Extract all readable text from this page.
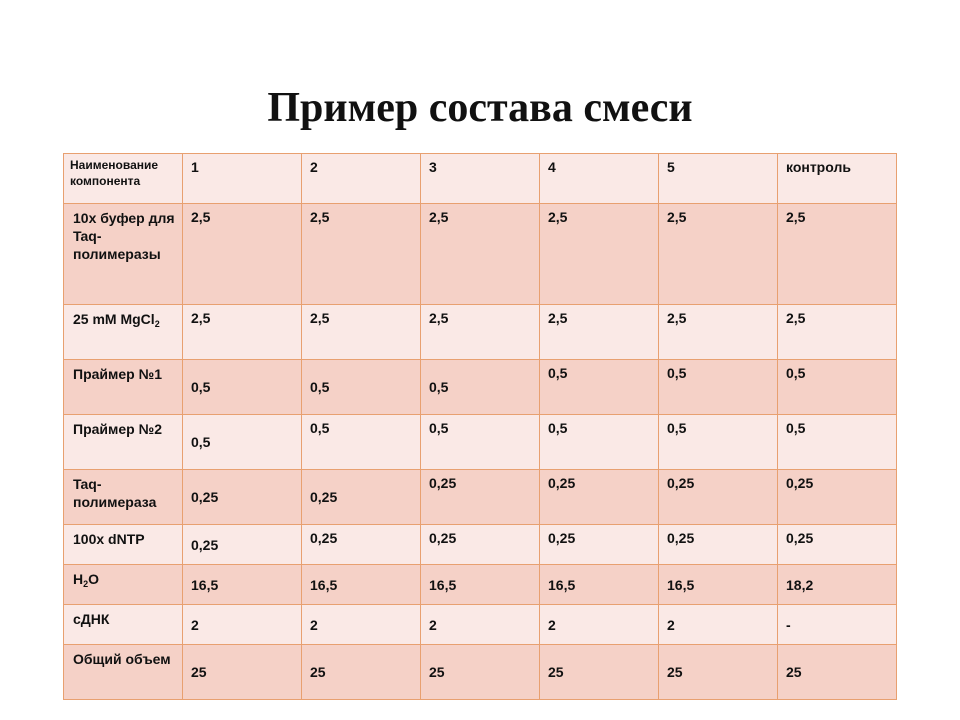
Пример состава смеси
Наименование компонента	1	2	3	4	5	контроль

10х буфер для Taq-полимеразы	2,5	2,5	2,5	2,5	2,5	2,5

25 mM MgCl$_2$	2,5	2,5	2,5	2,5	2,5	2,5

Праймер №1	0,5	0,5	0,5	0,5	0,5	0,5

Праймер №2	0,5	0,5	0,5	0,5	0,5	0,5

Taq-полимераза	0,25	0,25	0,25	0,25	0,25	0,25

100x dNTP	0,25	0,25	0,25	0,25	0,25	0,25

$H_2O$	16,5	16,5	16,5	16,5	16,5	18,2

сДНК	2	2	2	2	2	-

Общий объем	25	25	25	25	25	25
